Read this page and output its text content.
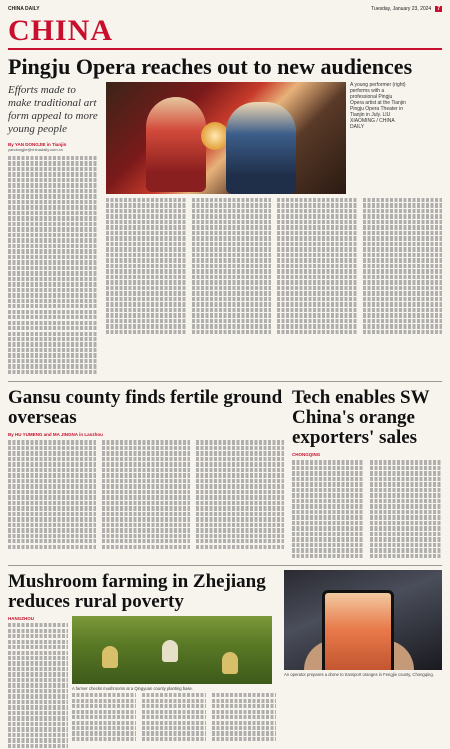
CHINA DAILY	Tuesday, January 23, 2024	7
CHINA
Pingju Opera reaches out to new audiences
Efforts made to make traditional art form appeal to more young people
By YAN DONGJIE in Tianjin
yandongjie@chinadaily.com.cn
A young performer (right) performs with a professional Pingju Opera artist at the Tianjin Pingju Opera Theater in Tianjin in July. LIU XIAOMING / CHINA DAILY
Gansu county finds fertile ground overseas
By HU YUMENG and MA JINGNA in Lanzhou
Tech enables SW China's orange exporters' sales
CHONGQING
Mushroom farming in Zhejiang reduces rural poverty
HANGZHOU
A farmer checks mushrooms at a Qingyuan county planting base.
An operator prepares a drone to transport oranges in Fengjie county, Chongqing.
